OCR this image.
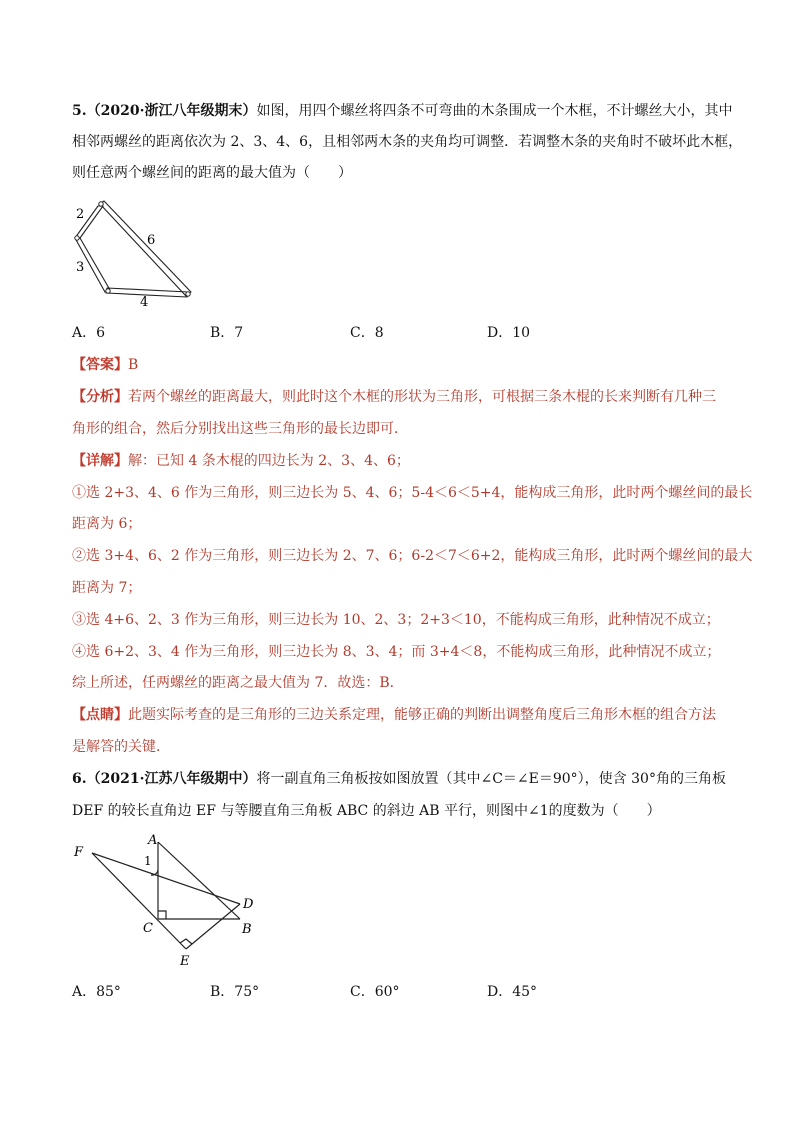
5.（2020·浙江八年级期末）如图，用四个螺丝将四条不可弯曲的木条围成一个木框，不计螺丝大小，其中
相邻两螺丝的距离依次为 2、3、4、6，且相邻两木条的夹角均可调整．若调整木条的夹角时不破坏此木框，
则任意两个螺丝间的距离的最大值为（　　）
2
3
4
6
A．6	B．7	C．8	D．10
【答案】B
【分析】若两个螺丝的距离最大，则此时这个木框的形状为三角形，可根据三条木棍的长来判断有几种三
角形的组合，然后分别找出这些三角形的最长边即可．
【详解】解：已知 4 条木棍的四边长为 2、3、4、6；
①选 2+3、4、6 作为三角形，则三边长为 5、4、6；5-4＜6＜5+4，能构成三角形，此时两个螺丝间的最长
距离为 6；
②选 3+4、6、2 作为三角形，则三边长为 2、7、6；6-2＜7＜6+2，能构成三角形，此时两个螺丝间的最大
距离为 7；
③选 4+6、2、3 作为三角形，则三边长为 10、2、3；2+3＜10，不能构成三角形，此种情况不成立；
④选 6+2、3、4 作为三角形，则三边长为 8、3、4；而 3+4＜8，不能构成三角形，此种情况不成立；
综上所述，任两螺丝的距离之最大值为 7．故选：B．
【点睛】此题实际考查的是三角形的三边关系定理，能够正确的判断出调整角度后三角形木框的组合方法
是解答的关键．
6.（2021·江苏八年级期中）将一副直角三角板按如图放置（其中∠C＝∠E＝90°），使含 30°角的三角板
DEF 的较长直角边 EF 与等腰直角三角板 ABC 的斜边 AB 平行，则图中∠1的度数为（　　）
A
B
C
D
E
F
1
A．85°	B．75°	C．60°	D．45°
